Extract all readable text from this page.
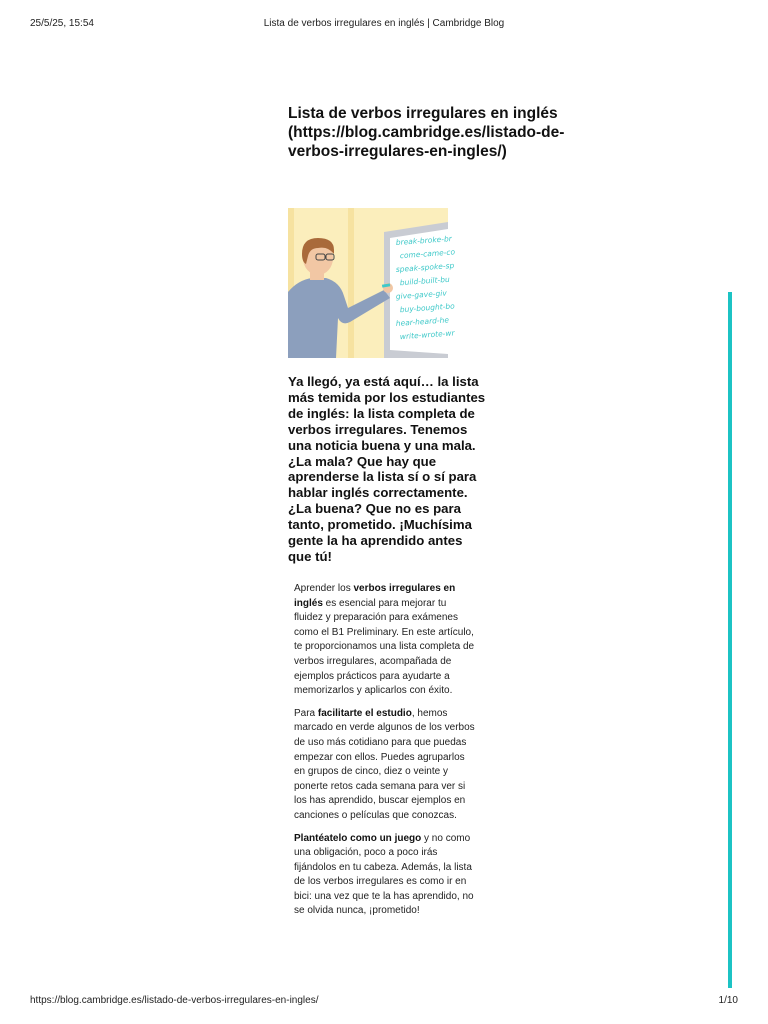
25/5/25, 15:54	Lista de verbos irregulares en inglés | Cambridge Blog
Lista de verbos irregulares en inglés (https://blog.cambridge.es/listado-de-verbos-irregulares-en-ingles/)
break-broke-br
come-came-co
speak-spoke-sp
build-built-bu
give-gave-giv
buy-bought-bo
hear-heard-he
write-wrote-wr

Ya llegó, ya está aquí… la lista más temida por los estudiantes de inglés: la lista completa de verbos irregulares. Tenemos una noticia buena y una mala. ¿La mala? Que hay que aprenderse la lista sí o sí para hablar inglés correctamente. ¿La buena? Que no es para tanto, prometido. ¡Muchísima gente la ha aprendido antes que tú!

Aprender los verbos irregulares en inglés es esencial para mejorar tu fluidez y preparación para exámenes como el B1 Preliminary. En este artículo, te proporcionamos una lista completa de verbos irregulares, acompañada de ejemplos prácticos para ayudarte a memorizarlos y aplicarlos con éxito.

Para facilitarte el estudio, hemos marcado en verde algunos de los verbos de uso más cotidiano para que puedas empezar con ellos. Puedes agruparlos en grupos de cinco, diez o veinte y ponerte retos cada semana para ver si los has aprendido, buscar ejemplos en canciones o películas que conozcas.

Plantéatelo como un juego y no como una obligación, poco a poco irás fijándolos en tu cabeza. Además, la lista de los verbos irregulares es como ir en bici: una vez que te la has aprendido, no se olvida nunca, ¡prometido!

https://blog.cambridge.es/listado-de-verbos-irregulares-en-ingles/	1/10
